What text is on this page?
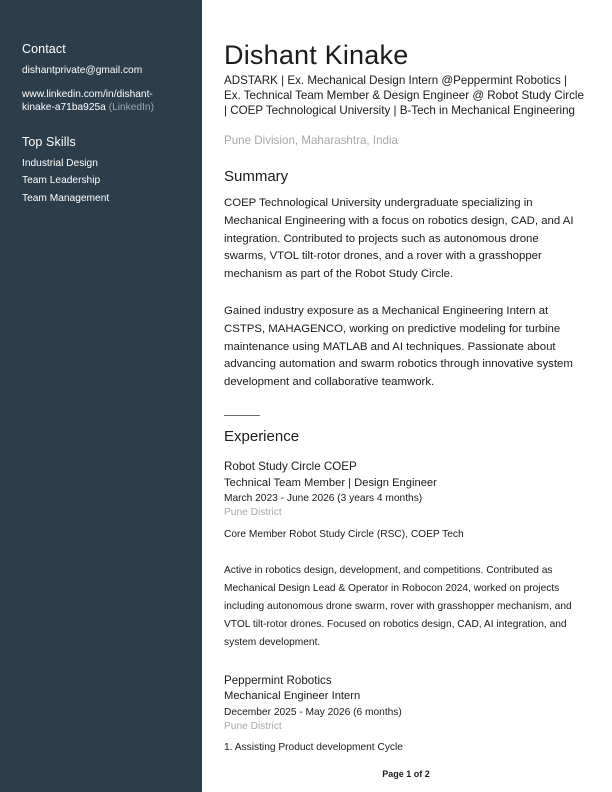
Contact
dishantprivate@gmail.com
www.linkedin.com/in/dishant-
kinake-a71ba925a (LinkedIn)
Top Skills
Industrial Design
Team Leadership
Team Management
Dishant Kinake
ADSTARK | Ex. Mechanical Design Intern @Peppermint Robotics | Ex. Technical Team Member & Design Engineer @ Robot Study Circle | COEP Technological University | B-Tech in Mechanical Engineering
Pune Division, Maharashtra, India
Summary
COEP Technological University undergraduate specializing in Mechanical Engineering with a focus on robotics design, CAD, and AI integration. Contributed to projects such as autonomous drone swarms, VTOL tilt-rotor drones, and a rover with a grasshopper mechanism as part of the Robot Study Circle.
Gained industry exposure as a Mechanical Engineering Intern at CSTPS, MAHAGENCO, working on predictive modeling for turbine maintenance using MATLAB and AI techniques. Passionate about advancing automation and swarm robotics through innovative system development and collaborative teamwork.
Experience
Robot Study Circle COEP
Technical Team Member | Design Engineer
March 2023 - June 2026 (3 years 4 months)
Pune District
Core Member Robot Study Circle (RSC), COEP Tech
Active in robotics design, development, and competitions. Contributed as Mechanical Design Lead & Operator in Robocon 2024, worked on projects including autonomous drone swarm, rover with grasshopper mechanism, and VTOL tilt-rotor drones. Focused on robotics design, CAD, AI integration, and system development.
Peppermint Robotics
Mechanical Engineer Intern
December 2025 - May 2026 (6 months)
Pune District
1. Assisting Product development Cycle
Page 1 of 2
